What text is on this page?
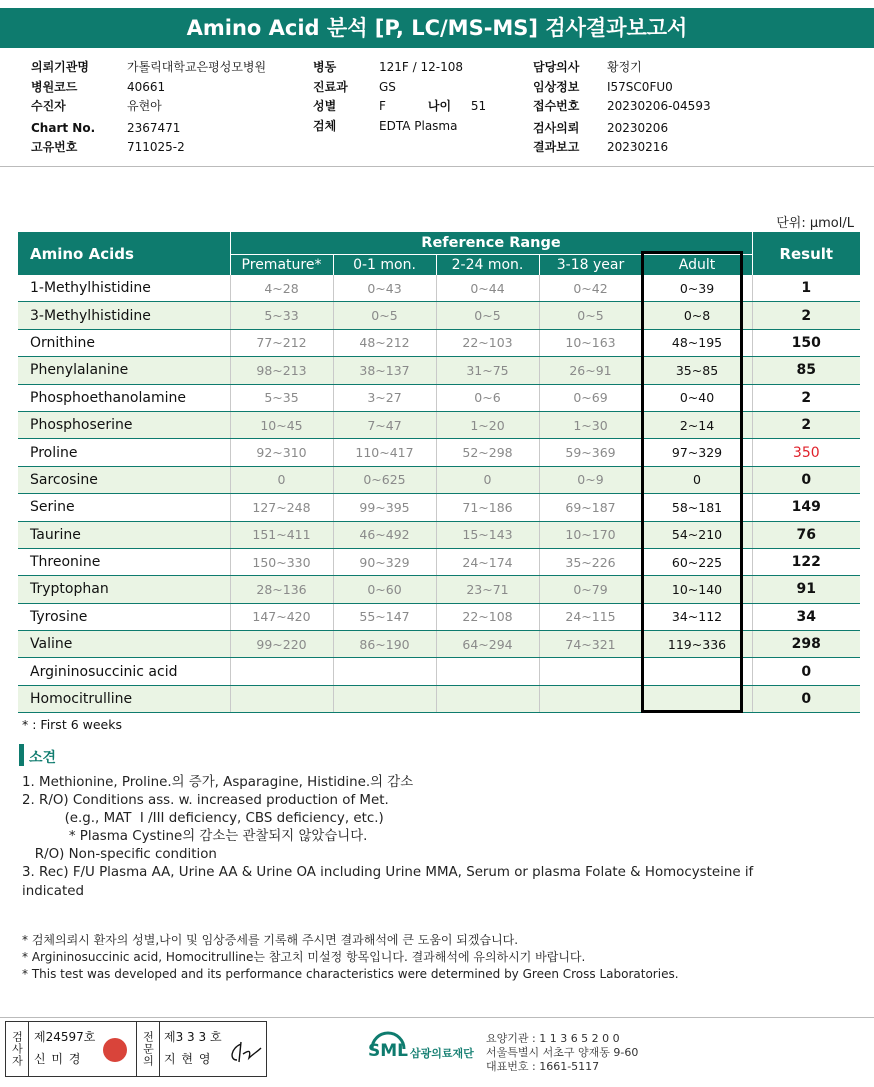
Amino Acid 분석 [P, LC/MS-MS] 검사결과보고서
의뢰기관명	가톨릭대학교은평성모병원
병원코드	40661
수진자	유현아
Chart No.	2367471
고유번호	711025-2
병동	121F / 12-108
진료과	GS
성별	F	나이	51
검체	EDTA Plasma
담당의사	황정기
임상정보	I57SC0FU0
접수번호	20230206-04593
검사의뢰	20230206
결과보고	20230216
단위: μmol/L
Amino Acids	Reference Range					Result
	Premature*	0-1 mon.	2-24 mon.	3-18 year	Adult	
1-Methylhistidine	4~28	0~43	0~44	0~42	0~39	1
3-Methylhistidine	5~33	0~5	0~5	0~5	0~8	2
Ornithine	77~212	48~212	22~103	10~163	48~195	150
Phenylalanine	98~213	38~137	31~75	26~91	35~85	85
Phosphoethanolamine	5~35	3~27	0~6	0~69	0~40	2
Phosphoserine	10~45	7~47	1~20	1~30	2~14	2
Proline	92~310	110~417	52~298	59~369	97~329	350
Sarcosine	0	0~625	0	0~9	0	0
Serine	127~248	99~395	71~186	69~187	58~181	149
Taurine	151~411	46~492	15~143	10~170	54~210	76
Threonine	150~330	90~329	24~174	35~226	60~225	122
Tryptophan	28~136	0~60	23~71	0~79	10~140	91
Tyrosine	147~420	55~147	22~108	24~115	34~112	34
Valine	99~220	86~190	64~294	74~321	119~336	298
Argininosuccinic acid						0
Homocitrulline						0
* : First 6 weeks
소견
1. Methionine, Proline.의 증가, Asparagine, Histidine.의 감소
2. R/O) Conditions ass. w. increased production of Met.
(e.g., MAT  I /III deficiency, CBS deficiency, etc.)
* Plasma Cystine의 감소는 관찰되지 않았습니다.
R/O) Non-specific condition
3. Rec) F/U Plasma AA, Urine AA & Urine OA including Urine MMA, Serum or plasma Folate & Homocysteine if
indicated
* 검체의뢰시 환자의 성별,나이 및 임상증세를 기록해 주시면 결과해석에 큰 도움이 되겠습니다.
* Argininosuccinic acid, Homocitrulline는 참고치 미설정 항목입니다. 결과해석에 유의하시기 바랍니다.
* This test was developed and its performance characteristics were determined by Green Cross Laboratories.
검사자 제24597호
신 미 경	전문의 제3 3 3 호
지 현 영	SML 삼광의료재단
요양기관 : 1 1 3 6 5 2 0 0
서울특별시 서초구 양재동 9-60
대표번호 : 1661-5117
